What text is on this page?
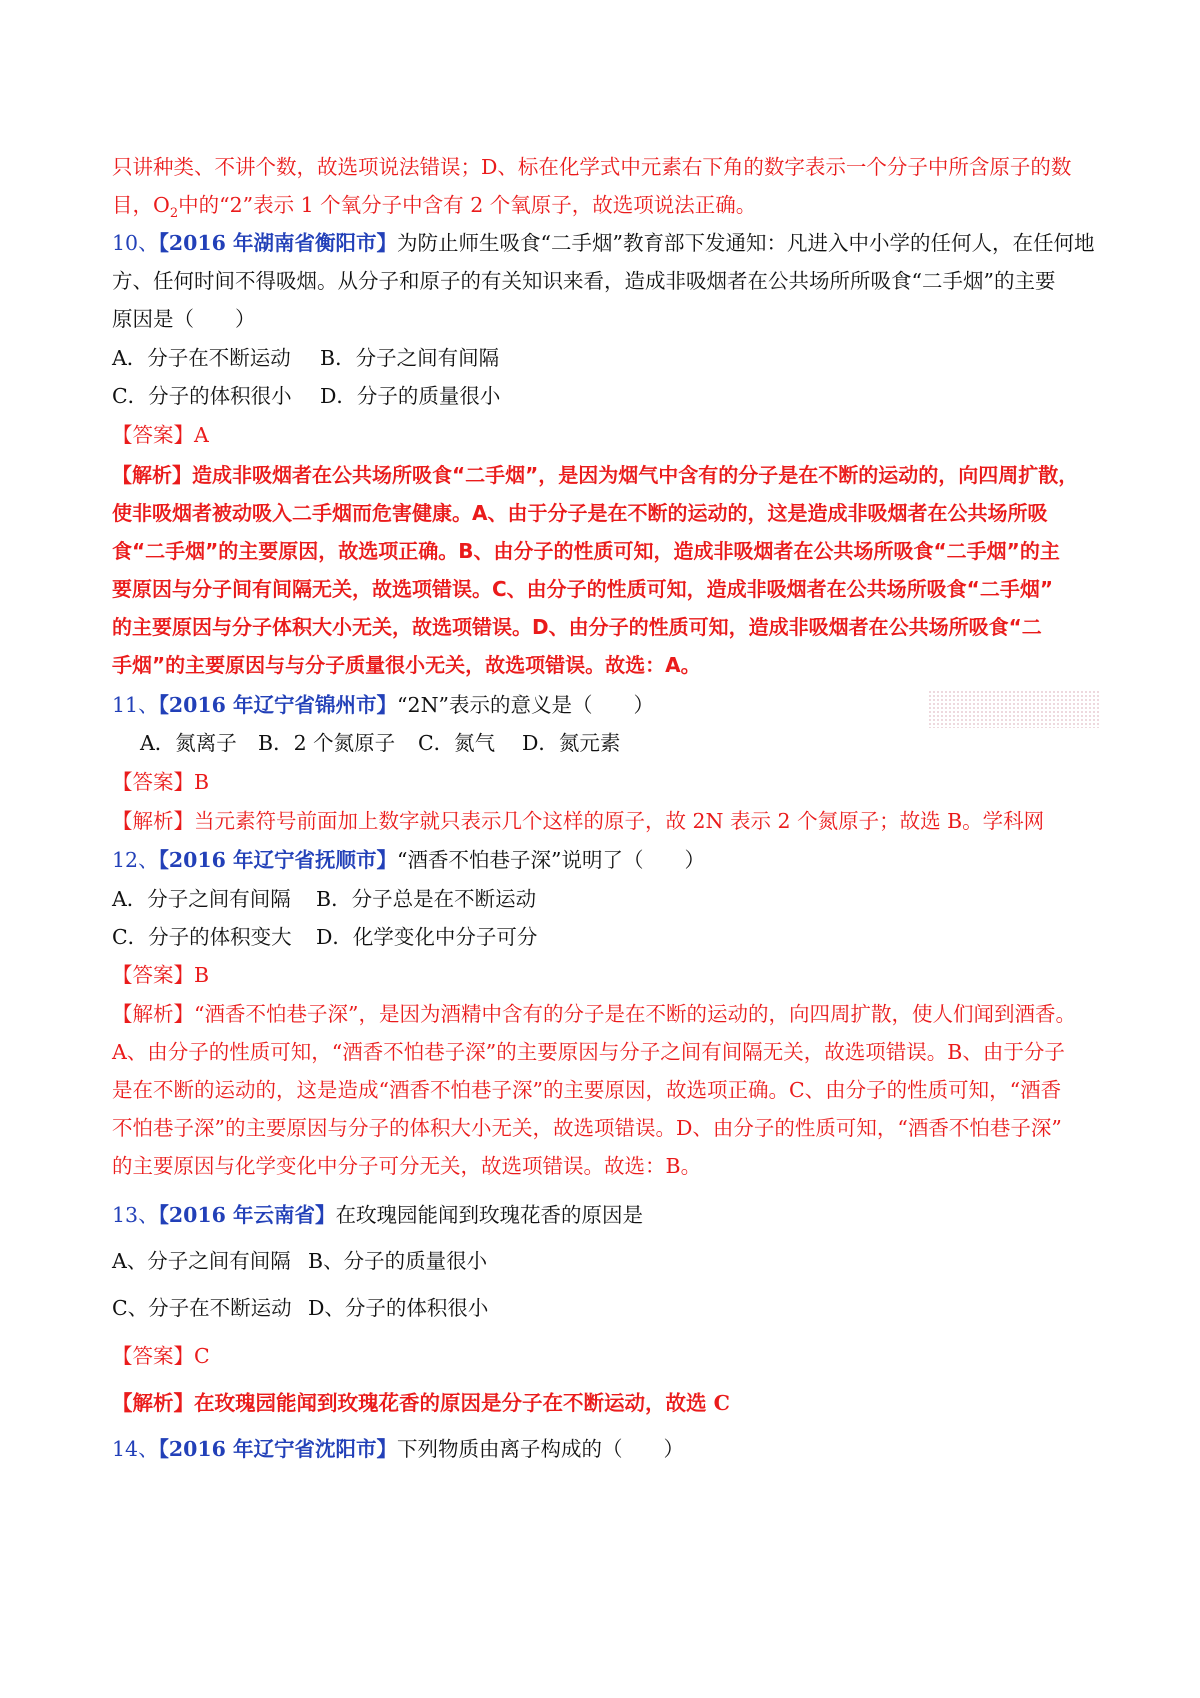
只讲种类、不讲个数，故选项说法错误；D、标在化学式中元素右下角的数字表示一个分子中所含原子的数
目，$O_2$中的“2”表示 1 个氧分子中含有 2 个氧原子，故选项说法正确。
10、【2016 年湖南省衡阳市】为防止师生吸食“二手烟”教育部下发通知：凡进入中小学的任何人，在任何地
方、任何时间不得吸烟。从分子和原子的有关知识来看，造成非吸烟者在公共场所所吸食“二手烟”的主要
原因是（　　）
A．分子在不断运动 B．分子之间有间隔
C．分子的体积很小 D．分子的质量很小
【答案】A
【解析】造成非吸烟者在公共场所吸食“二手烟”，是因为烟气中含有的分子是在不断的运动的，向四周扩散，
使非吸烟者被动吸入二手烟而危害健康。A、由于分子是在不断的运动的，这是造成非吸烟者在公共场所吸
食“二手烟”的主要原因，故选项正确。B、由分子的性质可知，造成非吸烟者在公共场所吸食“二手烟”的主
要原因与分子间有间隔无关，故选项错误。C、由分子的性质可知，造成非吸烟者在公共场所吸食“二手烟”
的主要原因与分子体积大小无关，故选项错误。D、由分子的性质可知，造成非吸烟者在公共场所吸食“二
手烟”的主要原因与与分子质量很小无关，故选项错误。故选：A。
11、【2016 年辽宁省锦州市】“2N”表示的意义是（　　）
A．氮离子 B．2 个氮原子 C．氮气 D．氮元素
【答案】B
【解析】当元素符号前面加上数字就只表示几个这样的原子，故 2N 表示 2 个氮原子；故选 B。学科网
12、【2016 年辽宁省抚顺市】“酒香不怕巷子深”说明了（　　）
A．分子之间有间隔 B．分子总是在不断运动
C．分子的体积变大 D．化学变化中分子可分
【答案】B
【解析】“酒香不怕巷子深”，是因为酒精中含有的分子是在不断的运动的，向四周扩散，使人们闻到酒香。
A、由分子的性质可知，“酒香不怕巷子深”的主要原因与分子之间有间隔无关，故选项错误。B、由于分子
是在不断的运动的，这是造成“酒香不怕巷子深”的主要原因，故选项正确。C、由分子的性质可知，“酒香
不怕巷子深”的主要原因与分子的体积大小无关，故选项错误。D、由分子的性质可知，“酒香不怕巷子深”
的主要原因与化学变化中分子可分无关，故选项错误。故选：B。
13、【2016 年云南省】在玫瑰园能闻到玫瑰花香的原因是
A、分子之间有间隔 B、分子的质量很小
C、分子在不断运动 D、分子的体积很小
【答案】C
【解析】在玫瑰园能闻到玫瑰花香的原因是分子在不断运动，故选 C
14、【2016 年辽宁省沈阳市】下列物质由离子构成的（　　）
